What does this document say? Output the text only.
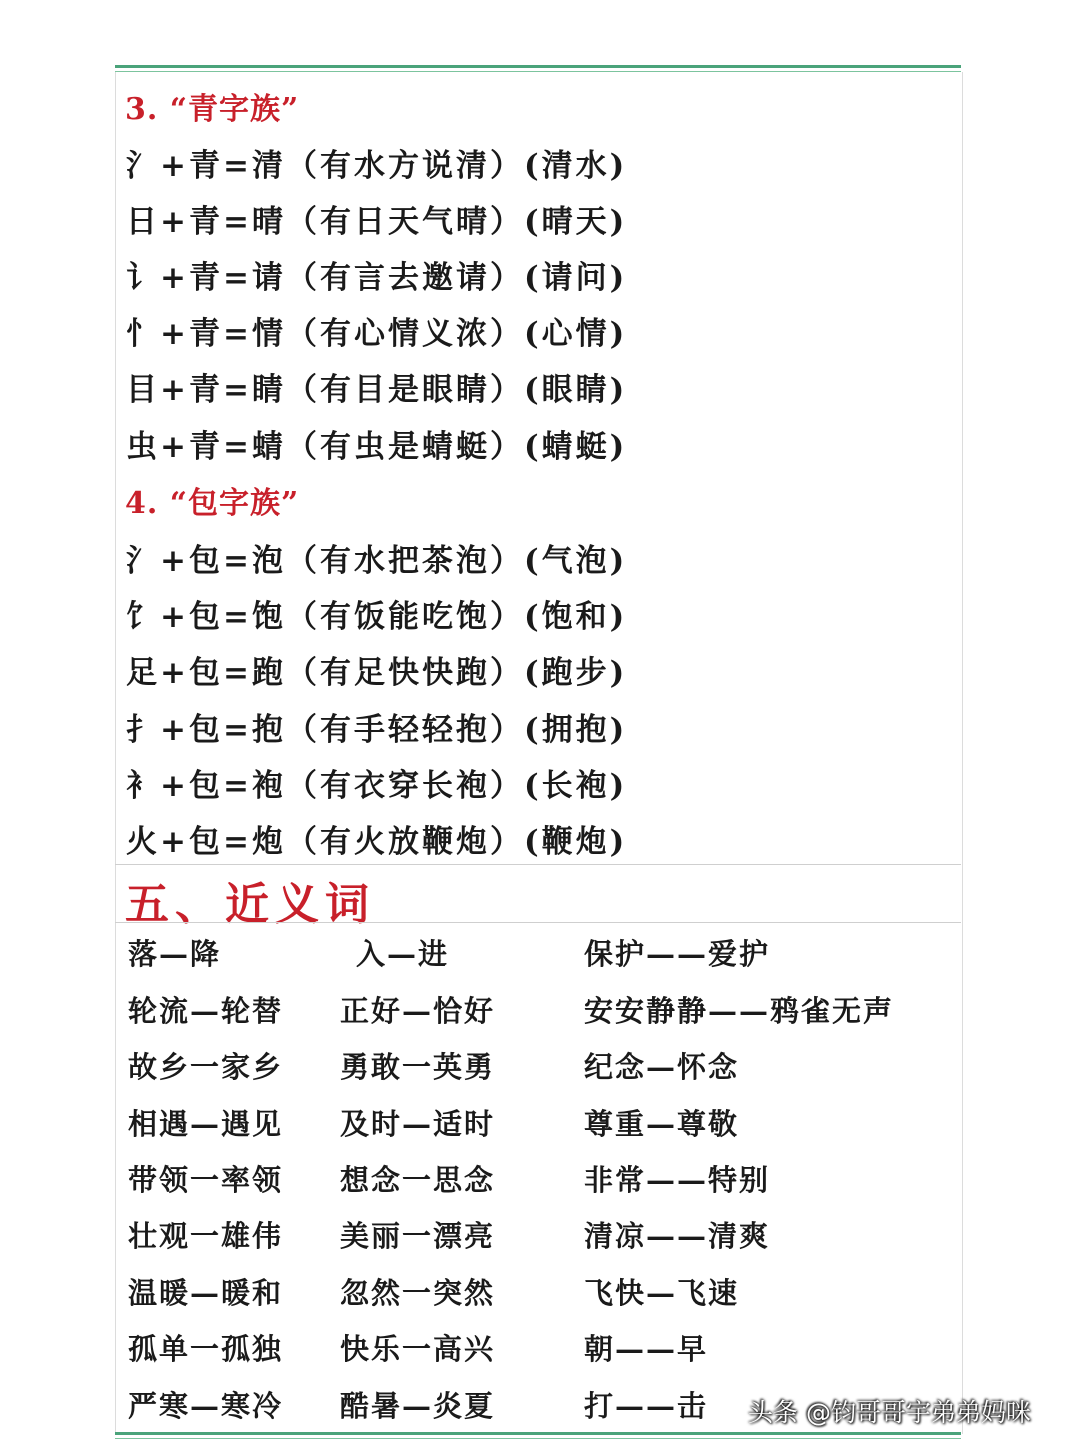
3. “青字族”
氵+青=清（有水方说清）(清水)
日+青=晴（有日天气晴）(晴天)
讠+青=请（有言去邀请）(请问)
忄+青=情（有心情义浓）(心情)
目+青=睛（有目是眼睛）(眼睛)
虫+青=蜻（有虫是蜻蜓）(蜻蜓)
4. “包字族”
氵+包=泡（有水把茶泡）(气泡)
饣+包=饱（有饭能吃饱）(饱和)
足+包=跑（有足快快跑）(跑步)
扌+包=抱（有手轻轻抱）(拥抱)
衤+包=袍（有衣穿长袍）(长袍)
火+包=炮（有火放鞭炮）(鞭炮)
五、近义词
落—降
轮流—轮替
故乡一家乡
相遇—遇见
带领一率领
壮观一雄伟
温暖—暖和
孤单一孤独
严寒—寒冷
入—进
正好—恰好
勇敢一英勇
及时—适时
想念一思念
美丽一漂亮
忽然一突然
快乐一高兴
酷暑—炎夏
保护——爱护
安安静静——鸦雀无声
纪念—怀念
尊重—尊敬
非常——特别
清凉——清爽
飞快—飞速
朝——早
打——击 头条 @钧哥哥宇弟弟妈咪
